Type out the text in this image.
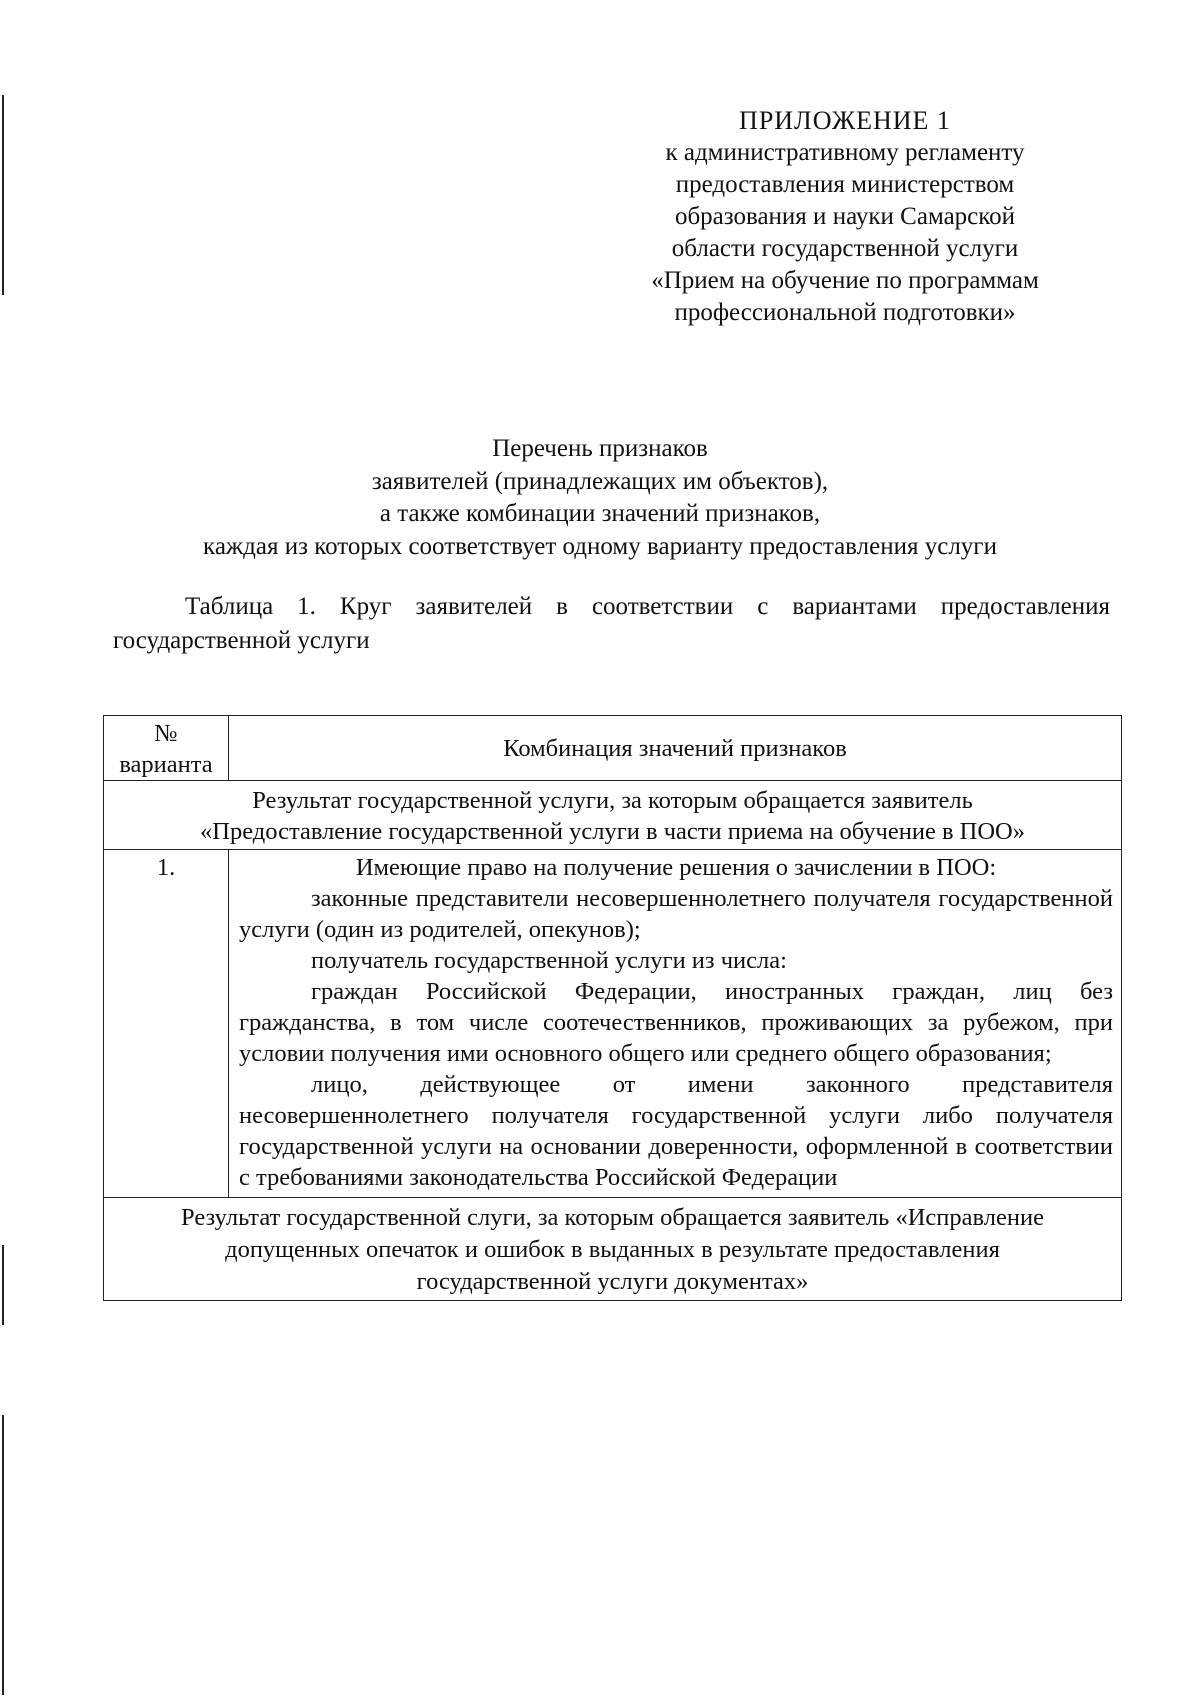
ПРИЛОЖЕНИЕ 1
к административному регламенту
предоставления министерством
образования и науки Самарской
области государственной услуги
«Прием на обучение по программам
профессиональной подготовки»
Перечень признаков
заявителей (принадлежащих им объектов),
а также комбинации значений признаков,
каждая из которых соответствует одному варианту предоставления услуги
Таблица 1. Круг заявителей в соответствии с вариантами предоставления государственной услуги
№
варианта	Комбинация значений признаков

Результат государственной услуги, за которым обращается заявитель
«Предоставление государственной услуги в части приема на обучение в ПОО»	

1.	Имеющие право на получение решения о зачислении в ПОО:

законные представители несовершеннолетнего получателя государственной услуги (один из родителей, опекунов);

получатель государственной услуги из числа:

граждан Российской Федерации, иностранных граждан, лиц без гражданства, в том числе соотечественников, проживающих за рубежом, при условии получения ими основного общего или среднего общего образования;

лицо, действующее от имени законного представителя несовершеннолетнего получателя государственной услуги либо получателя государственной услуги на основании доверенности, оформленной в соответствии с требованиями законодательства Российской Федерации

Результат государственной слуги, за которым обращается заявитель «Исправление
допущенных опечаток и ошибок в выданных в результате предоставления
государственной услуги документах»	
